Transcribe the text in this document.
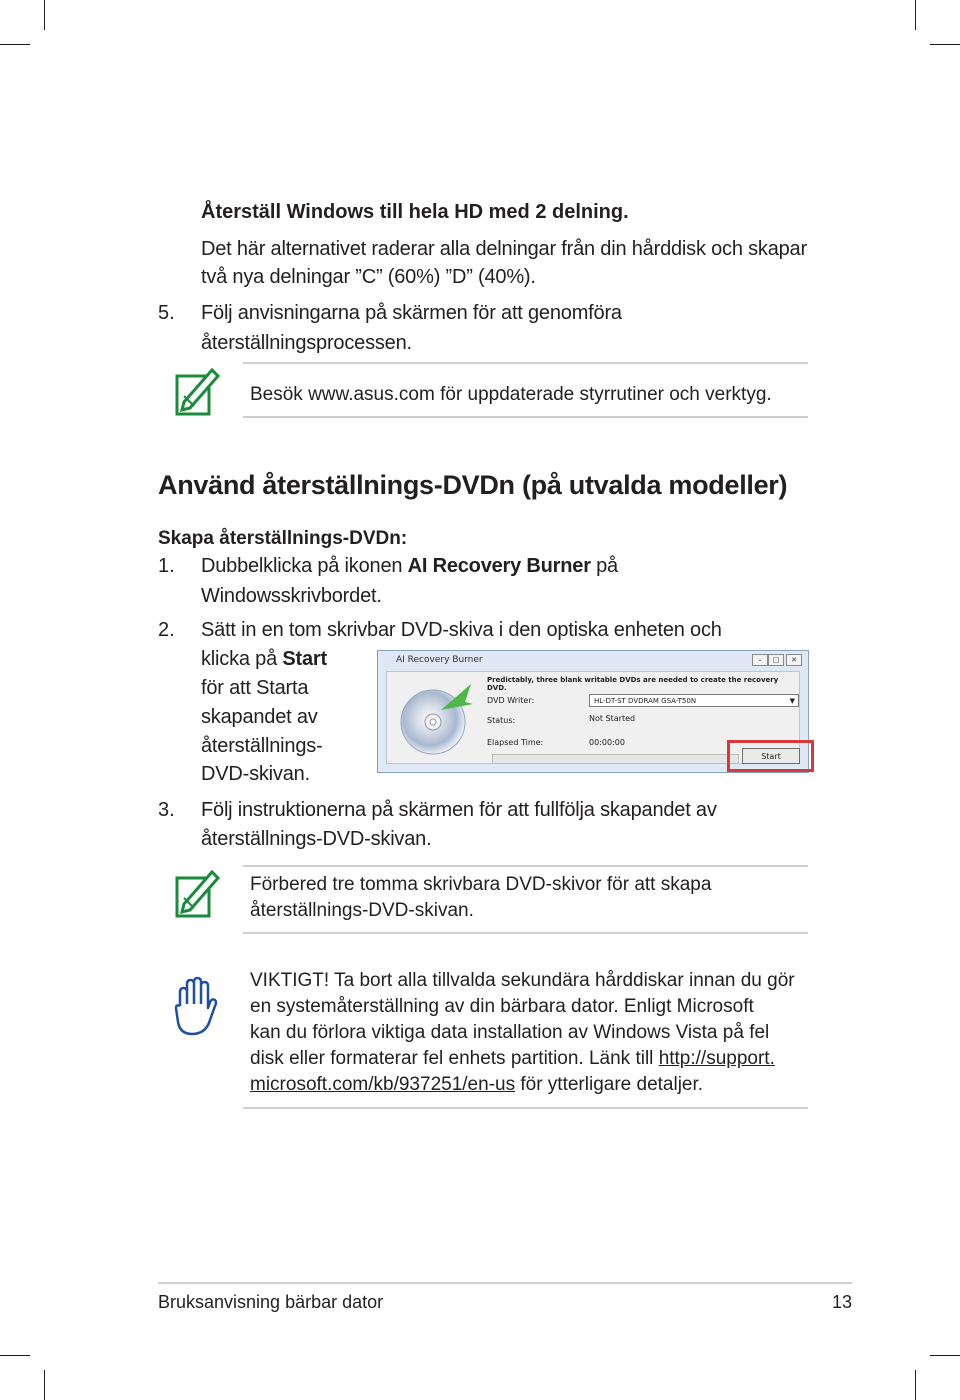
Återställ Windows till hela HD med 2 delning.
Det här alternativet raderar alla delningar från din hårddisk och skapar
två nya delningar ”C” (60%) ”D” (40%).
5. Följ anvisningarna på skärmen för att genomföra
återställningsprocessen.
Besök www.asus.com för uppdaterade styrrutiner och verktyg.
Använd återställnings-DVDn (på utvalda modeller)
Skapa återställnings-DVDn:
1. Dubbelklicka på ikonen AI Recovery Burner på
Windowsskrivbordet.
2. Sätt in en tom skrivbar DVD-skiva i den optiska enheten och
klicka på Start
för att Starta
skapandet av
återställnings-
DVD-skivan.
AI Recovery Burner	–	□	✕
Predictably, three blank writable DVDs are needed to create the recovery DVD.
DVD Writer:	HL-DT-ST DVDRAM GSA-T50N	▼
Status:	Not Started
Elapsed Time:	00:00:00
Start
3. Följ instruktionerna på skärmen för att fullfölja skapandet av
återställnings-DVD-skivan.
Förbered tre tomma skrivbara DVD-skivor för att skapa
återställnings-DVD-skivan.
VIKTIGT! Ta bort alla tillvalda sekundära hårddiskar innan du gör
en systemåterställning av din bärbara dator. Enligt Microsoft
kan du förlora viktiga data installation av Windows Vista på fel
disk eller formaterar fel enhets partition. Länk till http://support.
microsoft.com/kb/937251/en-us för ytterligare detaljer.
Bruksanvisning bärbar dator	13
